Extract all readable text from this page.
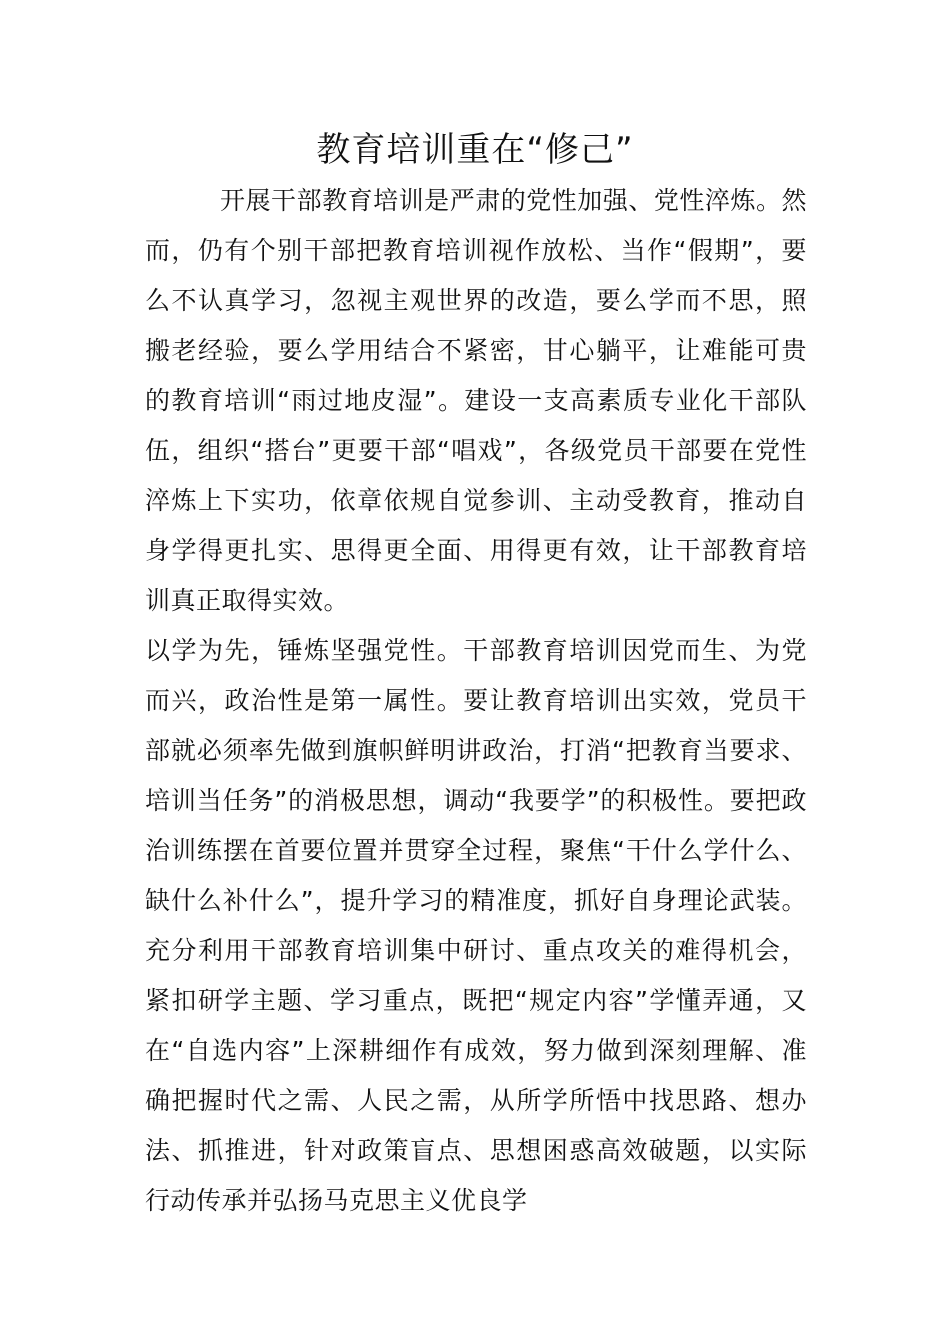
教育培训重在“修己”

开展干部教育培训是严肃的党性加强、党性淬炼。然而，仍有个别干部把教育培训视作放松、当作“假期”，要么不认真学习，忽视主观世界的改造，要么学而不思，照搬老经验，要么学用结合不紧密，甘心躺平，让难能可贵的教育培训“雨过地皮湿”。建设一支高素质专业化干部队伍，组织“搭台”更要干部“唱戏”，各级党员干部要在党性淬炼上下实功，依章依规自觉参训、主动受教育，推动自身学得更扎实、思得更全面、用得更有效，让干部教育培训真正取得实效。

以学为先，锤炼坚强党性。干部教育培训因党而生、为党而兴，政治性是第一属性。要让教育培训出实效，党员干部就必须率先做到旗帜鲜明讲政治，打消“把教育当要求、培训当任务”的消极思想，调动“我要学”的积极性。要把政治训练摆在首要位置并贯穿全过程，聚焦“干什么学什么、缺什么补什么”，提升学习的精准度，抓好自身理论武装。充分利用干部教育培训集中研讨、重点攻关的难得机会，紧扣研学主题、学习重点，既把“规定内容”学懂弄通，又在“自选内容”上深耕细作有成效，努力做到深刻理解、准确把握时代之需、人民之需，从所学所悟中找思路、想办法、抓推进，针对政策盲点、思想困惑高效破题，以实际行动传承并弘扬马克思主义优良学
